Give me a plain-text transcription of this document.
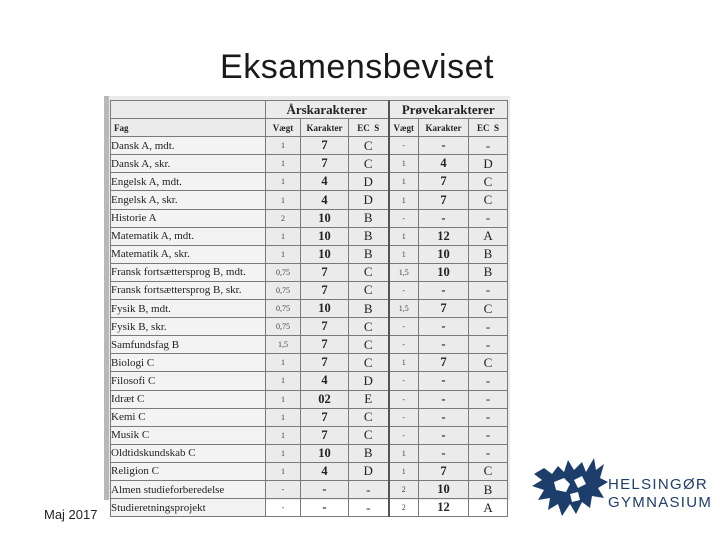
Eksamensbeviset
	Årskarakterer			Prøvekarakterer		
Fag	Vægt	Karakter	EC S	Vægt	Karakter	EC S
Dansk A, mdt.	1	7	C	-	-	-
Dansk A, skr.	1	7	C	1	4	D
Engelsk A, mdt.	1	4	D	1	7	C
Engelsk A, skr.	1	4	D	1	7	C
Historie A	2	10	B	-	-	-
Matematik A, mdt.	1	10	B	1	12	A
Matematik A, skr.	1	10	B	1	10	B
Fransk fortsættersprog B, mdt.	0,75	7	C	1,5	10	B
Fransk fortsættersprog B, skr.	0,75	7	C	-	-	-
Fysik B, mdt.	0,75	10	B	1,5	7	C
Fysik B, skr.	0,75	7	C	-	-	-
Samfundsfag B	1,5	7	C	-	-	-
Biologi C	1	7	C	1	7	C
Filosofi C	1	4	D	-	-	-
Idræt C	1	02	E	-	-	-
Kemi C	1	7	C	-	-	-
Musik C	1	7	C	-	-	-
Oldtidskundskab C	1	10	B	1	-	-
Religion C	1	4	D	1	7	C
Almen studieforberedelse	-	-	-	2	10	B
Studieretningsprojekt	-	-	-	2	12	A
Maj 2017
HELSINGØR
GYMNASIUM
